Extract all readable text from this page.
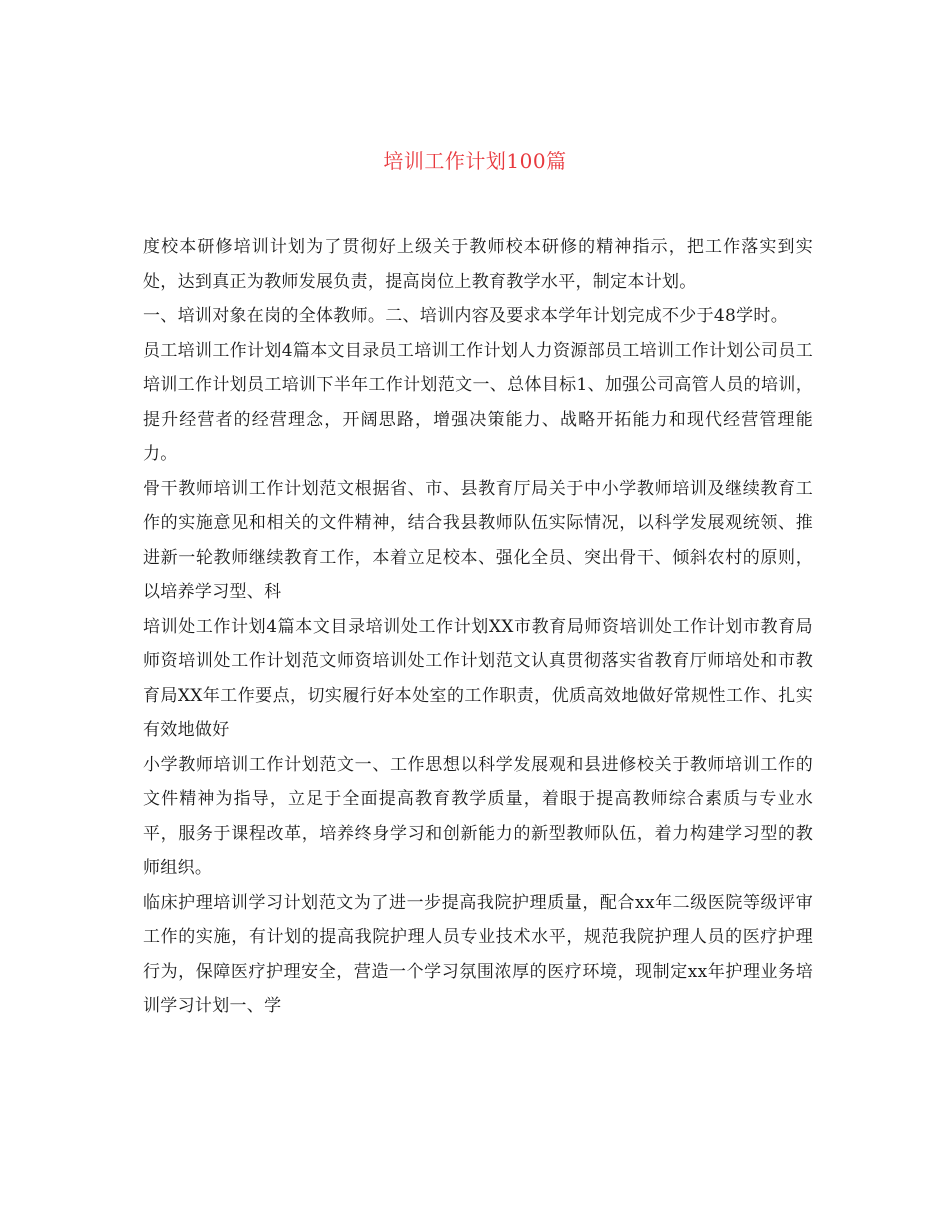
培训工作计划100篇

度校本研修培训计划为了贯彻好上级关于教师校本研修的精神指示，把工作落实到实处，达到真正为教师发展负责，提高岗位上教育教学水平，制定本计划。

一、培训对象在岗的全体教师。二、培训内容及要求本学年计划完成不少于48学时。

员工培训工作计划4篇本文目录员工培训工作计划人力资源部员工培训工作计划公司员工培训工作计划员工培训下半年工作计划范文一、总体目标1、加强公司高管人员的培训，提升经营者的经营理念，开阔思路，增强决策能力、战略开拓能力和现代经营管理能力。

骨干教师培训工作计划范文根据省、市、县教育厅局关于中小学教师培训及继续教育工作的实施意见和相关的文件精神，结合我县教师队伍实际情况，以科学发展观统领、推进新一轮教师继续教育工作，本着立足校本、强化全员、突出骨干、倾斜农村的原则，以培养学习型、科

培训处工作计划4篇本文目录培训处工作计划XX市教育局师资培训处工作计划市教育局师资培训处工作计划范文师资培训处工作计划范文认真贯彻落实省教育厅师培处和市教育局XX年工作要点，切实履行好本处室的工作职责，优质高效地做好常规性工作、扎实有效地做好

小学教师培训工作计划范文一、工作思想以科学发展观和县进修校关于教师培训工作的文件精神为指导，立足于全面提高教育教学质量，着眼于提高教师综合素质与专业水平，服务于课程改革，培养终身学习和创新能力的新型教师队伍，着力构建学习型的教师组织。

临床护理培训学习计划范文为了进一步提高我院护理质量，配合xx年二级医院等级评审工作的实施，有计划的提高我院护理人员专业技术水平，规范我院护理人员的医疗护理行为，保障医疗护理安全，营造一个学习氛围浓厚的医疗环境，现制定xx年护理业务培训学习计划一、学
